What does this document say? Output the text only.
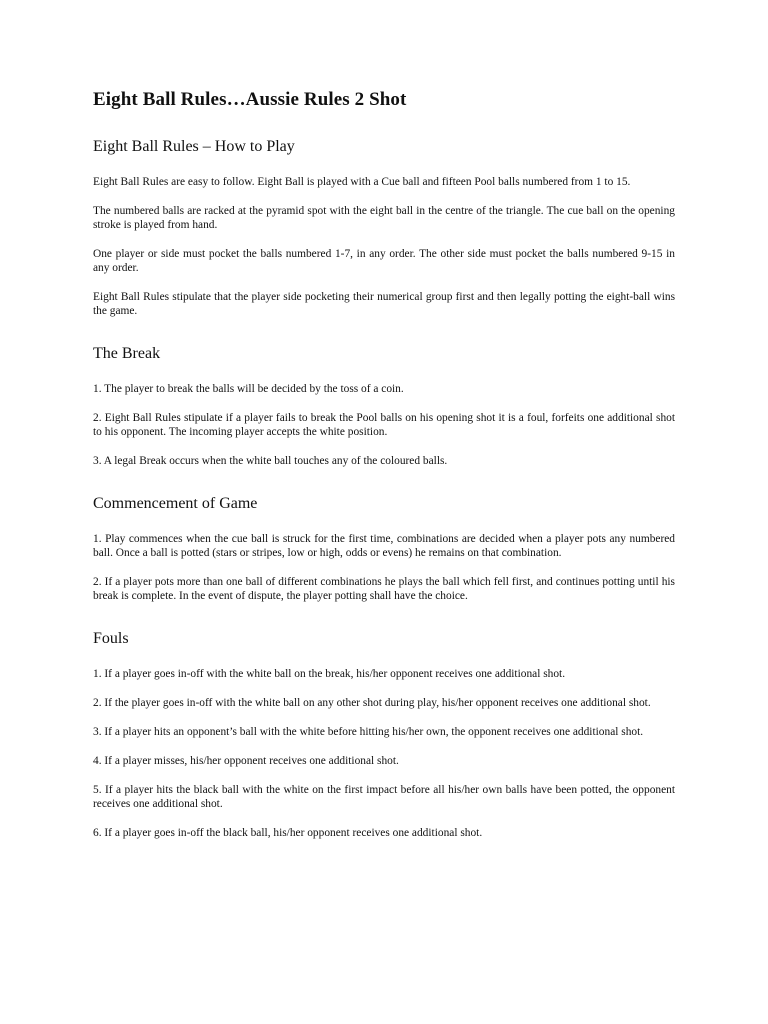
Eight Ball Rules…Aussie Rules 2 Shot
Eight Ball Rules – How to Play

Eight Ball Rules are easy to follow. Eight Ball is played with a Cue ball and fifteen Pool balls numbered from 1 to 15.

The numbered balls are racked at the pyramid spot with the eight ball in the centre of the triangle. The cue ball on the opening stroke is played from hand.

One player or side must pocket the balls numbered 1-7, in any order. The other side must pocket the balls numbered 9-15 in any order.

Eight Ball Rules stipulate that the player side pocketing their numerical group first and then legally potting the eight-ball wins the game.

The Break

1. The player to break the balls will be decided by the toss of a coin.

2. Eight Ball Rules stipulate if a player fails to break the Pool balls on his opening shot it is a foul, forfeits one additional shot to his opponent. The incoming player accepts the white position.

3. A legal Break occurs when the white ball touches any of the coloured balls.

Commencement of Game

1. Play commences when the cue ball is struck for the first time, combinations are decided when a player pots any numbered ball. Once a ball is potted (stars or stripes, low or high, odds or evens) he remains on that combination.

2. If a player pots more than one ball of different combinations he plays the ball which fell first, and continues potting until his break is complete. In the event of dispute, the player potting shall have the choice.

Fouls

1. If a player goes in-off with the white ball on the break, his/her opponent receives one additional shot.

2. If the player goes in-off with the white ball on any other shot during play, his/her opponent receives one additional shot.

3. If a player hits an opponent’s ball with the white before hitting his/her own, the opponent receives one additional shot.

4. If a player misses, his/her opponent receives one additional shot.

5. If a player hits the black ball with the white on the first impact before all his/her own balls have been potted, the opponent receives one additional shot.

6. If a player goes in-off the black ball, his/her opponent receives one additional shot.
